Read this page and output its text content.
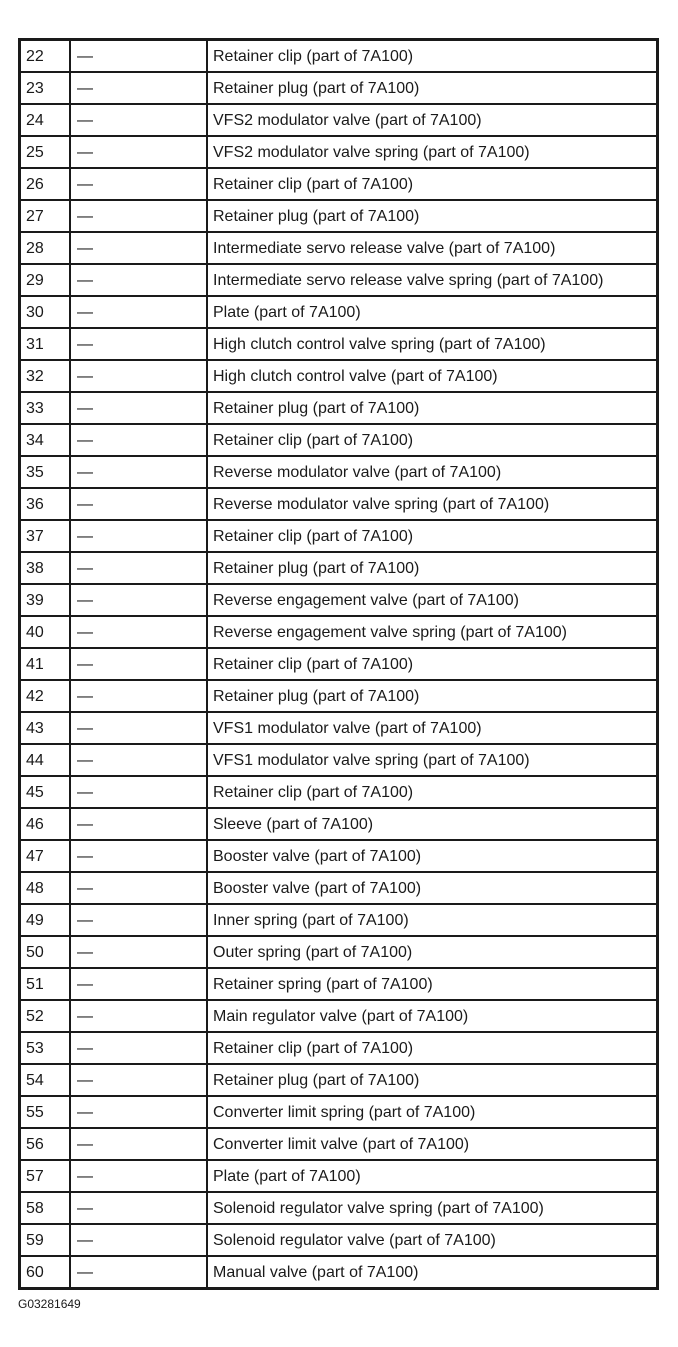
22	—	Retainer clip (part of 7A100)
23	—	Retainer plug (part of 7A100)
24	—	VFS2 modulator valve (part of 7A100)
25	—	VFS2 modulator valve spring (part of 7A100)
26	—	Retainer clip (part of 7A100)
27	—	Retainer plug (part of 7A100)
28	—	Intermediate servo release valve (part of 7A100)
29	—	Intermediate servo release valve spring (part of 7A100)
30	—	Plate (part of 7A100)
31	—	High clutch control valve spring (part of 7A100)
32	—	High clutch control valve (part of 7A100)
33	—	Retainer plug (part of 7A100)
34	—	Retainer clip (part of 7A100)
35	—	Reverse modulator valve (part of 7A100)
36	—	Reverse modulator valve spring (part of 7A100)
37	—	Retainer clip (part of 7A100)
38	—	Retainer plug (part of 7A100)
39	—	Reverse engagement valve (part of 7A100)
40	—	Reverse engagement valve spring (part of 7A100)
41	—	Retainer clip (part of 7A100)
42	—	Retainer plug (part of 7A100)
43	—	VFS1 modulator valve (part of 7A100)
44	—	VFS1 modulator valve spring (part of 7A100)
45	—	Retainer clip (part of 7A100)
46	—	Sleeve (part of 7A100)
47	—	Booster valve (part of 7A100)
48	—	Booster valve (part of 7A100)
49	—	Inner spring (part of 7A100)
50	—	Outer spring (part of 7A100)
51	—	Retainer spring (part of 7A100)
52	—	Main regulator valve (part of 7A100)
53	—	Retainer clip (part of 7A100)
54	—	Retainer plug (part of 7A100)
55	—	Converter limit spring (part of 7A100)
56	—	Converter limit valve (part of 7A100)
57	—	Plate (part of 7A100)
58	—	Solenoid regulator valve spring (part of 7A100)
59	—	Solenoid regulator valve (part of 7A100)
60	—	Manual valve (part of 7A100)
G03281649
